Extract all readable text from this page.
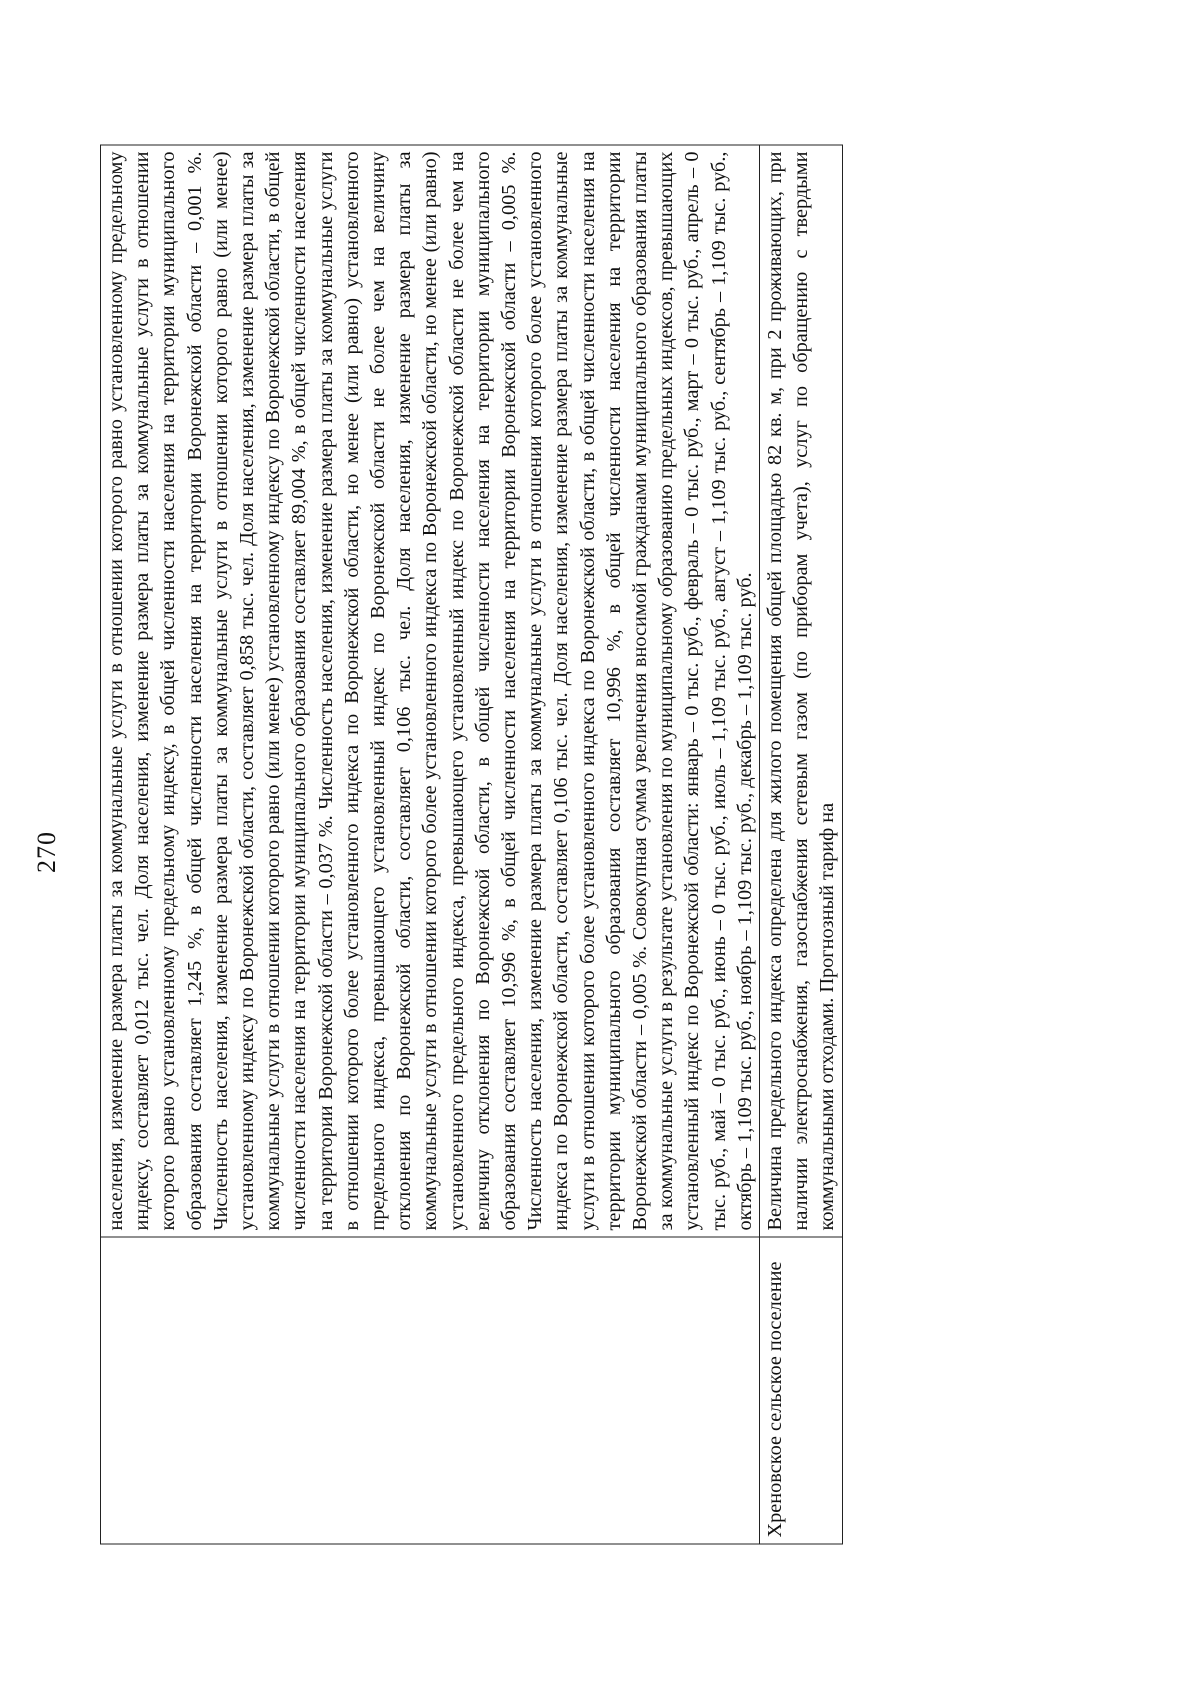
270
	населения, изменение размера платы за коммунальные услуги в отношении которого равно установленному предельному индексу, составляет 0,012 тыс. чел. Доля населения, изменение размера платы за коммунальные услуги в отношении которого равно установленному предельному индексу, в общей численности населения на территории муниципального образования составляет 1,245 %, в общей численности населения на территории Воронежской области – 0,001 %. Численность населения, изменение размера платы за коммунальные услуги в отношении которого равно (или менее) установленному индексу по Воронежской области, составляет 0,858 тыс. чел. Доля населения, изменение размера платы за коммунальные услуги в отношении которого равно (или менее) установленному индексу по Воронежской области, в общей численности населения на территории муниципального образования составляет 89,004 %, в общей численности населения на территории Воронежской области – 0,037 %. Численность населения, изменение размера платы за коммунальные услуги в отношении которого более установленного индекса по Воронежской области, но менее (или равно) установленного предельного индекса, превышающего установленный индекс по Воронежской области не более чем на величину отклонения по Воронежской области, составляет 0,106 тыс. чел. Доля населения, изменение размера платы за коммунальные услуги в отношении которого более установленного индекса по Воронежской области, но менее (или равно) установленного предельного индекса, превышающего установленный индекс по Воронежской области не более чем на величину отклонения по Воронежской области, в общей численности населения на территории муниципального образования составляет 10,996 %, в общей численности населения на территории Воронежской области – 0,005 %. Численность населения, изменение размера платы за коммунальные услуги в отношении которого более установленного индекса по Воронежской области, составляет 0,106 тыс. чел. Доля населения, изменение размера платы за коммунальные услуги в отношении которого более установленного индекса по Воронежской области, в общей численности населения на территории муниципального образования составляет 10,996 %, в общей численности населения на территории Воронежской области – 0,005 %. Совокупная сумма увеличения вносимой гражданами муниципального образования платы за коммунальные услуги в результате установления по муниципальному образованию предельных индексов, превышающих установленный индекс по Воронежской области: январь – 0 тыс. руб., февраль – 0 тыс. руб., март – 0 тыс. руб., апрель – 0 тыс. руб., май – 0 тыс. руб., июнь – 0 тыс. руб., июль – 1,109 тыс. руб., август – 1,109 тыс. руб., сентябрь – 1,109 тыс. руб., октябрь – 1,109 тыс. руб., ноябрь – 1,109 тыс. руб., декабрь – 1,109 тыс. руб.
Хреновское сельское поселение	Величина предельного индекса определена для жилого помещения общей площадью 82 кв. м, при 2 проживающих, при наличии электроснабжения, газоснабжения сетевым газом (по приборам учета), услуг по обращению с твердыми коммунальными отходами. Прогнозный тариф на
